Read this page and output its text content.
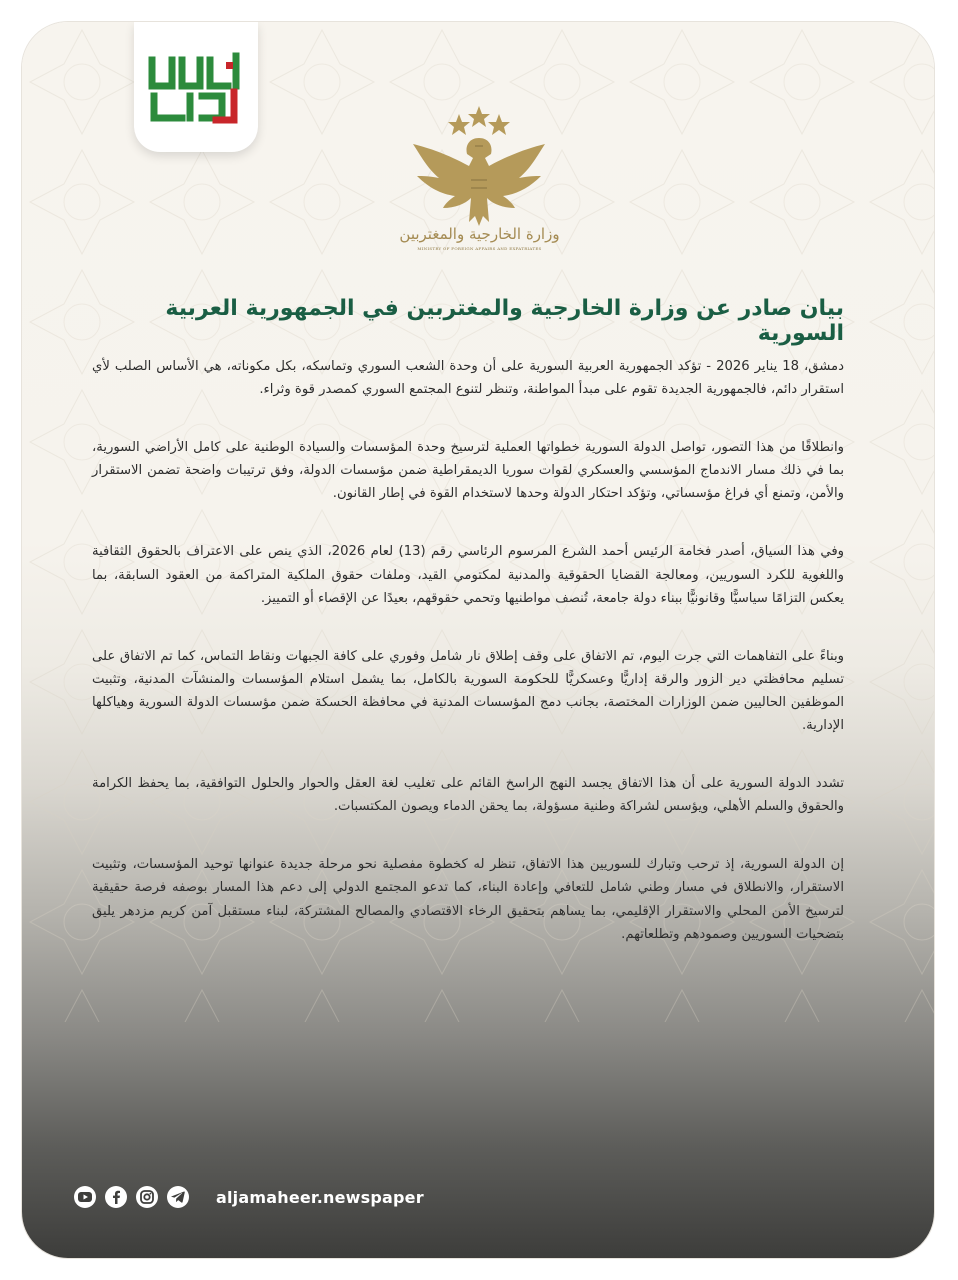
وزارة الخارجية والمغتربين
MINISTRY OF FOREIGN AFFAIRS AND EXPATRIATES
بيان صادر عن وزارة الخارجية والمغتربين في الجمهورية العربية السورية

دمشق، 18 يناير 2026 - تؤكد الجمهورية العربية السورية على أن وحدة الشعب السوري وتماسكه، بكل مكوناته، هي الأساس الصلب لأي استقرار دائم، فالجمهورية الجديدة تقوم على مبدأ المواطنة، وتنظر لتنوع المجتمع السوري كمصدر قوة وثراء.

وانطلاقًا من هذا التصور، تواصل الدولة السورية خطواتها العملية لترسيخ وحدة المؤسسات والسيادة الوطنية على كامل الأراضي السورية، بما في ذلك مسار الاندماج المؤسسي والعسكري لقوات سوريا الديمقراطية ضمن مؤسسات الدولة، وفق ترتيبات واضحة تضمن الاستقرار والأمن، وتمنع أي فراغ مؤسساتي، وتؤكد احتكار الدولة وحدها لاستخدام القوة في إطار القانون.

وفي هذا السياق، أصدر فخامة الرئيس أحمد الشرع المرسوم الرئاسي رقم (13) لعام 2026، الذي ينص على الاعتراف بالحقوق الثقافية واللغوية للكرد السوريين، ومعالجة القضايا الحقوقية والمدنية لمكتومي القيد، وملفات حقوق الملكية المتراكمة من العقود السابقة، بما يعكس التزامًا سياسيًّا وقانونيًّا ببناء دولة جامعة، تُنصف مواطنيها وتحمي حقوقهم، بعيدًا عن الإقصاء أو التمييز.

وبناءً على التفاهمات التي جرت اليوم، تم الاتفاق على وقف إطلاق نار شامل وفوري على كافة الجبهات ونقاط التماس، كما تم الاتفاق على تسليم محافظتي دير الزور والرقة إداريًّا وعسكريًّا للحكومة السورية بالكامل، بما يشمل استلام المؤسسات والمنشآت المدنية، وتثبيت الموظفين الحاليين ضمن الوزارات المختصة، بجانب دمج المؤسسات المدنية في محافظة الحسكة ضمن مؤسسات الدولة السورية وهياكلها الإدارية.

تشدد الدولة السورية على أن هذا الاتفاق يجسد النهج الراسخ القائم على تغليب لغة العقل والحوار والحلول التوافقية، بما يحفظ الكرامة والحقوق والسلم الأهلي، ويؤسس لشراكة وطنية مسؤولة، بما يحقن الدماء ويصون المكتسبات.

إن الدولة السورية، إذ ترحب وتبارك للسوريين هذا الاتفاق، تنظر له كخطوة مفصلية نحو مرحلة جديدة عنوانها توحيد المؤسسات، وتثبيت الاستقرار، والانطلاق في مسار وطني شامل للتعافي وإعادة البناء، كما تدعو المجتمع الدولي إلى دعم هذا المسار بوصفه فرصة حقيقية لترسيخ الأمن المحلي والاستقرار الإقليمي، بما يساهم بتحقيق الرخاء الاقتصادي والمصالح المشتركة، لبناء مستقبل آمن كريم مزدهر يليق بتضحيات السوريين وصمودهم وتطلعاتهم.

aljamaheer.newspaper
